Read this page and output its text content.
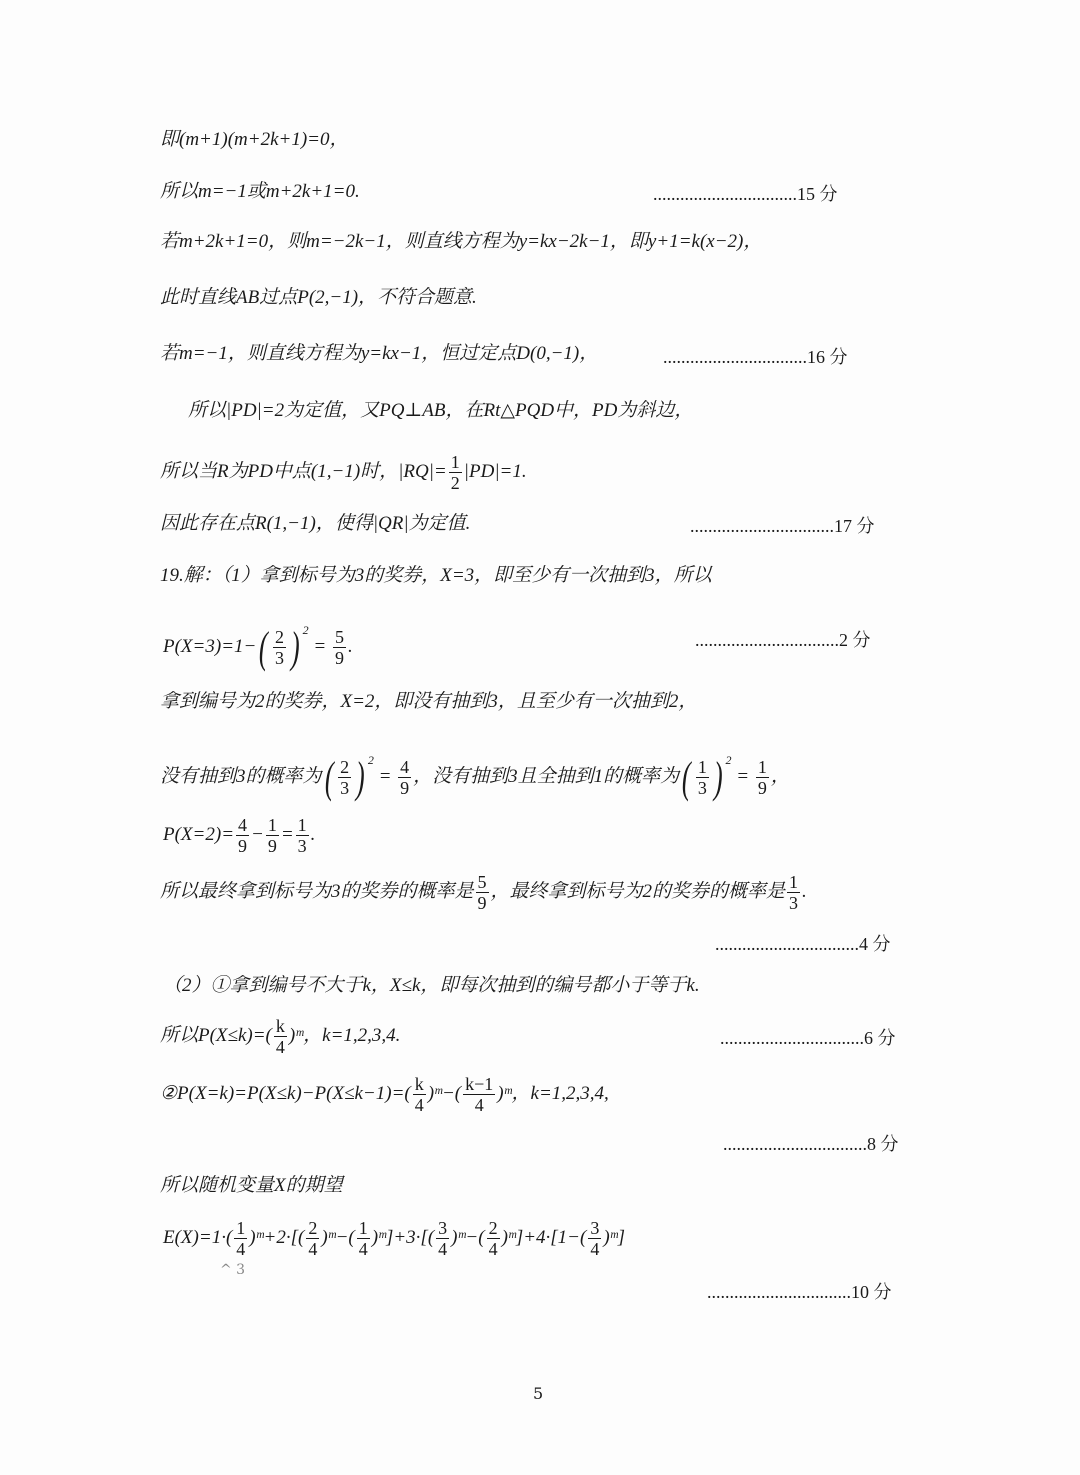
即(m+1)(m+2k+1)=0，
所以m=−1或m+2k+1=0.	................................15 分
若m+2k+1=0，则m=−2k−1，则直线方程为y=kx−2k−1，即y+1=k(x−2)，
此时直线AB过点P(2,−1)，不符合题意.
若m=−1，则直线方程为y=kx−1，恒过定点D(0,−1)，	................................16 分
所以|PD|=2为定值，又PQ⊥AB，在Rt△PQD中，PD为斜边，
所以当R为PD中点(1,−1)时，$|RQ|= \frac{1}{2} |PD|=1$.
因此存在点R(1,−1)，使得|QR|为定值.	................................17 分
19.解：（1）拿到标号为3的奖券，X=3，即至少有一次抽到3，所以
$P(X=3)=1-( \frac{2}{3}$ ) $^2 = \frac{5}{9}$ .	................................2 分
拿到编号为2的奖券，X=2，即没有抽到3，且至少有一次抽到2，
没有抽到3的概率为( $\frac{2}{3}$ ) $^2 = \frac{4}{9}$ ，没有抽到3且全抽到1的概率为( $\frac{1}{3}$ ) $^2 = \frac{1}{9}$ ，
$P(X=2)= \frac{4}{9} - \frac{1}{9} = \frac{1}{3}$ .
所以最终拿到标号为3的奖券的概率是 $\frac{5}{9}$ ，最终拿到标号为2的奖券的概率是 $\frac{1}{3}$ .
................................4 分
（2）①拿到编号不大于k，X≤k，即每次抽到的编号都小于等于k.
所以$P(X\le k)=( \frac{k}{4}$ )ᵐ，k=1,2,3,4.	................................6 分
②P(X=k)=P(X≤k)−P(X≤k−1)=( $\frac{k}{4}$ )ᵐ−( $\frac{k-1}{4}$ )ᵐ，k=1,2,3,4,
................................8 分
所以随机变量X的期望
$E(X)=1\cdot( \frac{1}{4}$ )ᵐ+2·[( $\frac{2}{4}$ )ᵐ−( $\frac{1}{4}$ )ᵐ]+3·[( $\frac{3}{4}$ )ᵐ−( $\frac{2}{4}$ )ᵐ]+4·[1−( $\frac{3}{4}$ )ᵐ]
^ 3
................................10 分
5
